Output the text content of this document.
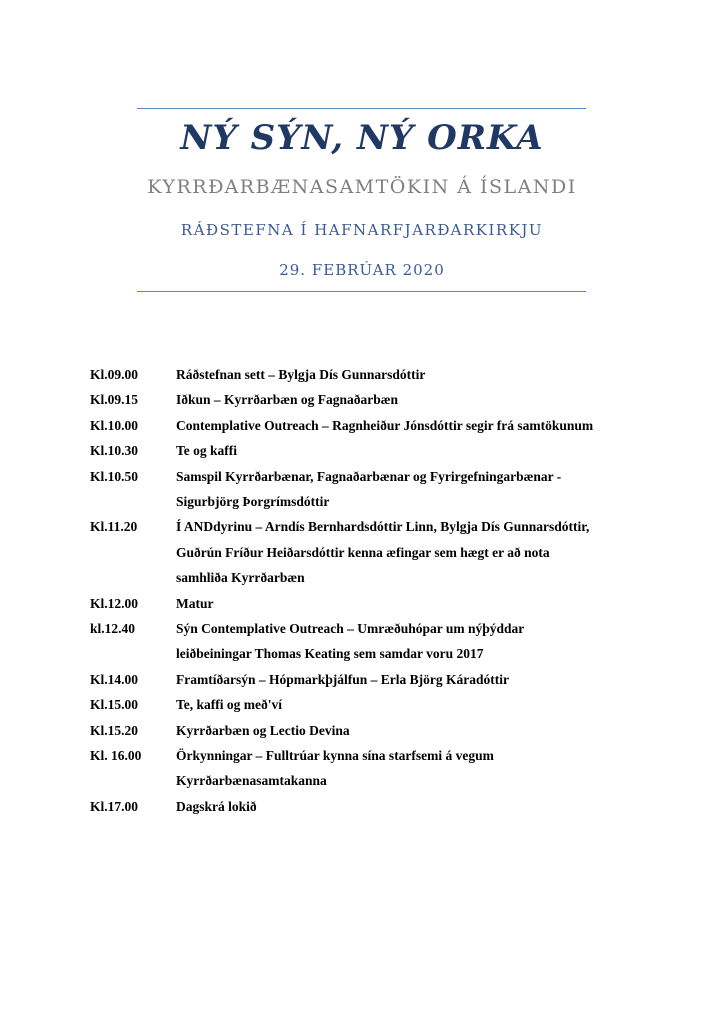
NÝ SÝN, NÝ ORKA
KYRRÐARBÆNASAMTÖKIN Á ÍSLANDI
RÁÐSTEFNA Í HAFNARFJARÐARKIRKJU
29. FEBRÚAR 2020
Kl.09.00	Ráðstefnan sett – Bylgja Dís Gunnarsdóttir
Kl.09.15	Iðkun – Kyrrðarbæn og Fagnaðarbæn
Kl.10.00	Contemplative Outreach – Ragnheiður Jónsdóttir segir frá samtökunum
Kl.10.30	Te og kaffi
Kl.10.50	Samspil Kyrrðarbænar, Fagnaðarbænar og Fyrirgefningarbænar -
Sigurbjörg Þorgrímsdóttir
Kl.11.20	Í ANDdyrinu – Arndís Bernhardsdóttir Linn, Bylgja Dís Gunnarsdóttir,
Guðrún Fríður Heiðarsdóttir kenna æfingar sem hægt er að nota
samhliða Kyrrðarbæn
Kl.12.00	Matur
kl.12.40	Sýn Contemplative Outreach – Umræðuhópar um nýþýddar
leiðbeiningar Thomas Keating sem samdar voru 2017
Kl.14.00	Framtíðarsýn – Hópmarkþjálfun – Erla Björg Káradóttir
Kl.15.00	Te, kaffi og með'ví
Kl.15.20	Kyrrðarbæn og Lectio Devina
Kl. 16.00	Örkynningar – Fulltrúar kynna sína starfsemi á vegum
Kyrrðarbænasamtakanna
Kl.17.00	Dagskrá lokið
